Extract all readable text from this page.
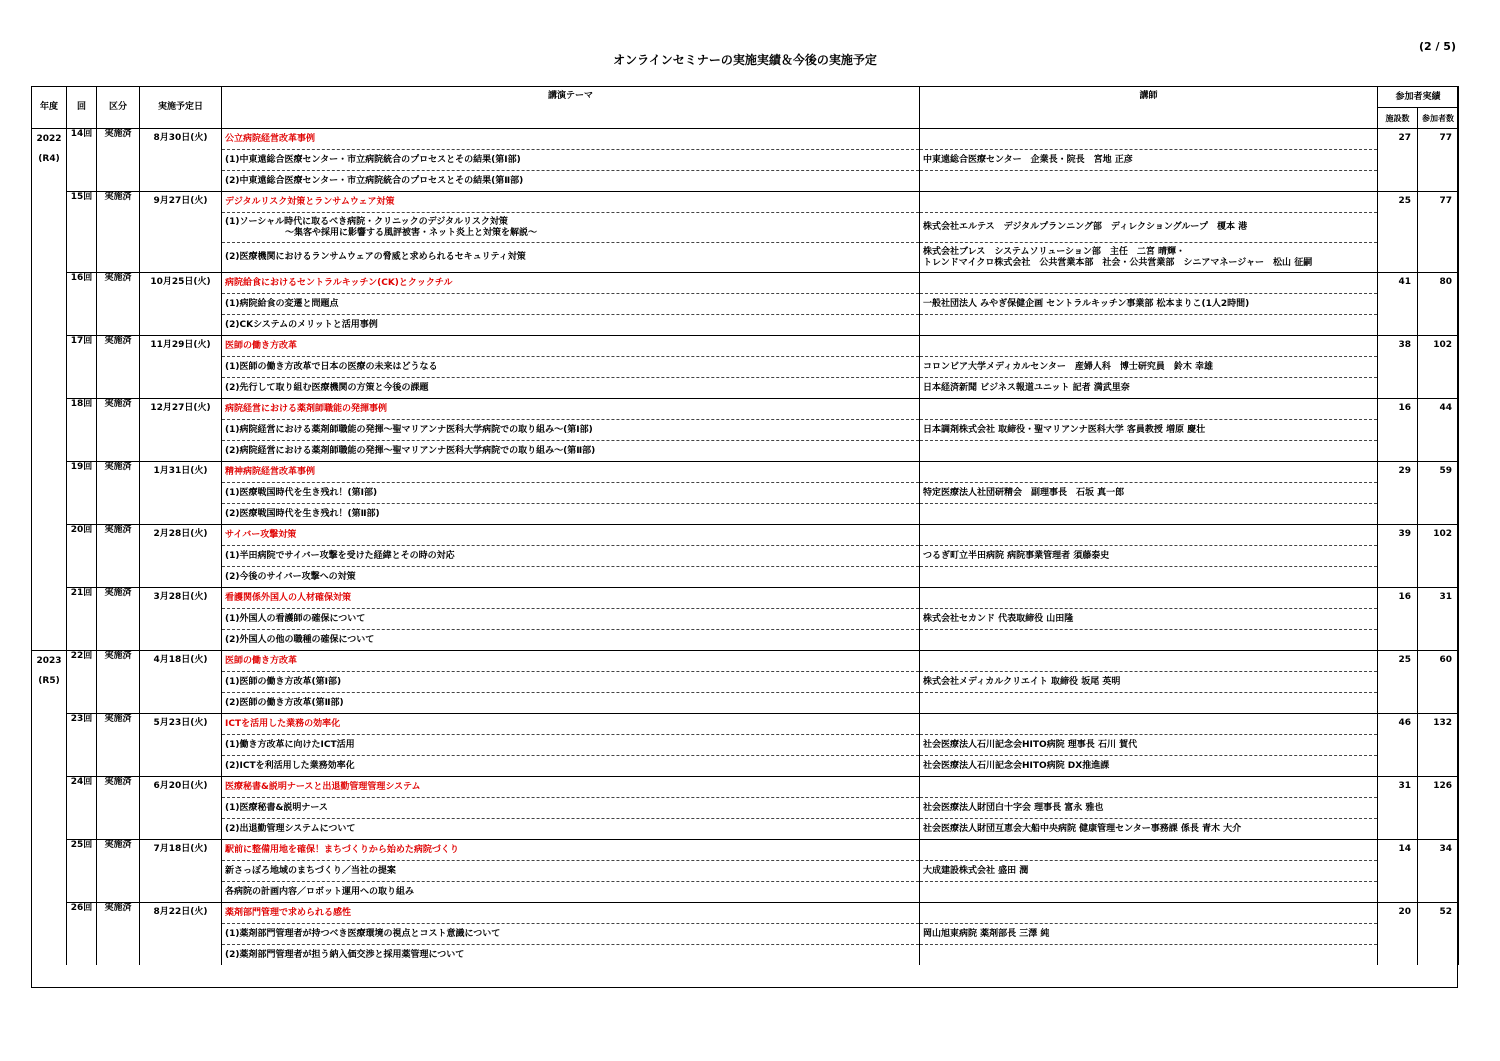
(2 / 5)
オンラインセミナーの実施実績＆今後の実施予定
年度	回	区分	実施予定日	講演テーマ	講師	参加者実績	
						施設数	参加者数

2022
(R4)	14回	実施済	8月30日(火)	公立病院経営改革事例		27	77
				(1)中東遠総合医療センター・市立病院統合のプロセスとその結果(第Ⅰ部)	中東遠総合医療センター　企業長・院長　宮地 正彦		
				(2)中東遠総合医療センター・市立病院統合のプロセスとその結果(第Ⅱ部)			

	15回	実施済	9月27日(火)	デジタルリスク対策とランサムウェア対策		25	77

				(1)ソーシャル時代に取るべき病院・クリニックのデジタルリスク対策
～集客や採用に影響する風評被害・ネット炎上と対策を解説～	株式会社エルテス　デジタルプランニング部　ディレクショングループ　榎本 港		
				(2)医療機関におけるランサムウェアの脅威と求められるセキュリティ対策	株式会社ブレス　システムソリューション部　主任　二宮 晴輝・
トレンドマイクロ株式会社　公共営業本部　社会・公共営業部　シニアマネージャー　松山 征嗣		

	16回	実施済	10月25日(火)	病院給食におけるセントラルキッチン(CK)とクックチル		41	80
				(1)病院給食の変遷と問題点	一般社団法人 みやぎ保健企画 セントラルキッチン事業部 松本まりこ(1人2時間)		
				(2)CKシステムのメリットと活用事例			

	17回	実施済	11月29日(火)	医師の働き方改革		38	102
				(1)医師の働き方改革で日本の医療の未来はどうなる	コロンビア大学メディカルセンター　産婦人科　博士研究員　鈴木 幸雄		
				(2)先行して取り組む医療機関の方策と今後の課題	日本経済新聞 ビジネス報道ユニット 記者 満武里奈		

	18回	実施済	12月27日(火)	病院経営における薬剤師職能の発揮事例		16	44
				(1)病院経営における薬剤師職能の発揮～聖マリアンナ医科大学病院での取り組み～(第Ⅰ部)	日本調剤株式会社 取締役・聖マリアンナ医科大学 客員教授 増原 慶壮		
				(2)病院経営における薬剤師職能の発揮～聖マリアンナ医科大学病院での取り組み～(第Ⅱ部)			

	19回	実施済	1月31日(火)	精神病院経営改革事例		29	59
				(1)医療戦国時代を生き残れ！(第Ⅰ部)	特定医療法人社団研精会　副理事長　石坂 真一郎		
				(2)医療戦国時代を生き残れ！(第Ⅱ部)			

	20回	実施済	2月28日(火)	サイバー攻撃対策		39	102
				(1)半田病院でサイバー攻撃を受けた経緯とその時の対応	つるぎ町立半田病院 病院事業管理者 須藤泰史		
				(2)今後のサイバー攻撃への対策			

	21回	実施済	3月28日(火)	看護関係外国人の人材確保対策		16	31
				(1)外国人の看護師の確保について	株式会社セカンド 代表取締役 山田隆		
				(2)外国人の他の職種の確保について			

2023
(R5)	22回	実施済	4月18日(火)	医師の働き方改革		25	60
				(1)医師の働き方改革(第Ⅰ部)	株式会社メディカルクリエイト 取締役 坂尾 英明		
				(2)医師の働き方改革(第Ⅱ部)			

	23回	実施済	5月23日(火)	ICTを活用した業務の効率化		46	132
				(1)働き方改革に向けたICT活用	社会医療法人石川記念会HITO病院 理事長 石川 賀代		
				(2)ICTを利活用した業務効率化	社会医療法人石川記念会HITO病院 DX推進課		

	24回	実施済	6月20日(火)	医療秘書&説明ナースと出退勤管理管理システム		31	126
				(1)医療秘書&説明ナース	社会医療法人財団白十字会 理事長 富永 雅也		
				(2)出退勤管理システムについて	社会医療法人財団互恵会大船中央病院 健康管理センター事務課 係長 青木 大介		

	25回	実施済	7月18日(火)	駅前に整備用地を確保！まちづくりから始めた病院づくり		14	34
				新さっぽろ地域のまちづくり／当社の提案	大成建設株式会社 盛田 潤		
				各病院の計画内容／ロボット運用への取り組み			

	26回	実施済	8月22日(火)	薬剤部門管理で求められる感性		20	52
				(1)薬剤部門管理者が持つべき医療環境の視点とコスト意識について	岡山旭東病院 薬剤部長 三澤 純		
				(2)薬剤部門管理者が担う納入価交渉と採用薬管理について			
